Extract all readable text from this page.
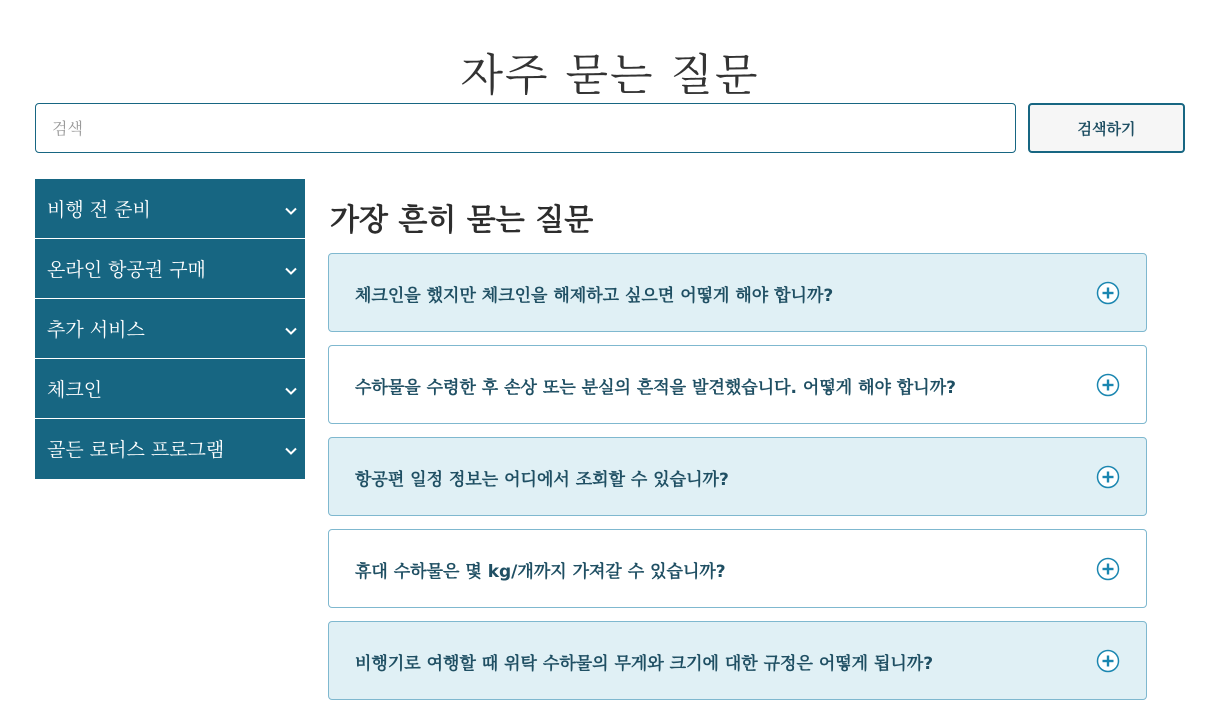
자주 묻는 질문
검색
검색하기
비행 전 준비
온라인 항공권 구매
추가 서비스
체크인
골든 로터스 프로그램
가장 흔히 묻는 질문
체크인을 했지만 체크인을 해제하고 싶으면 어떻게 해야 합니까?
수하물을 수령한 후 손상 또는 분실의 흔적을 발견했습니다. 어떻게 해야 합니까?
항공편 일정 정보는 어디에서 조회할 수 있습니까?
휴대 수하물은 몇 kg/개까지 가져갈 수 있습니까?
비행기로 여행할 때 위탁 수하물의 무게와 크기에 대한 규정은 어떻게 됩니까?
